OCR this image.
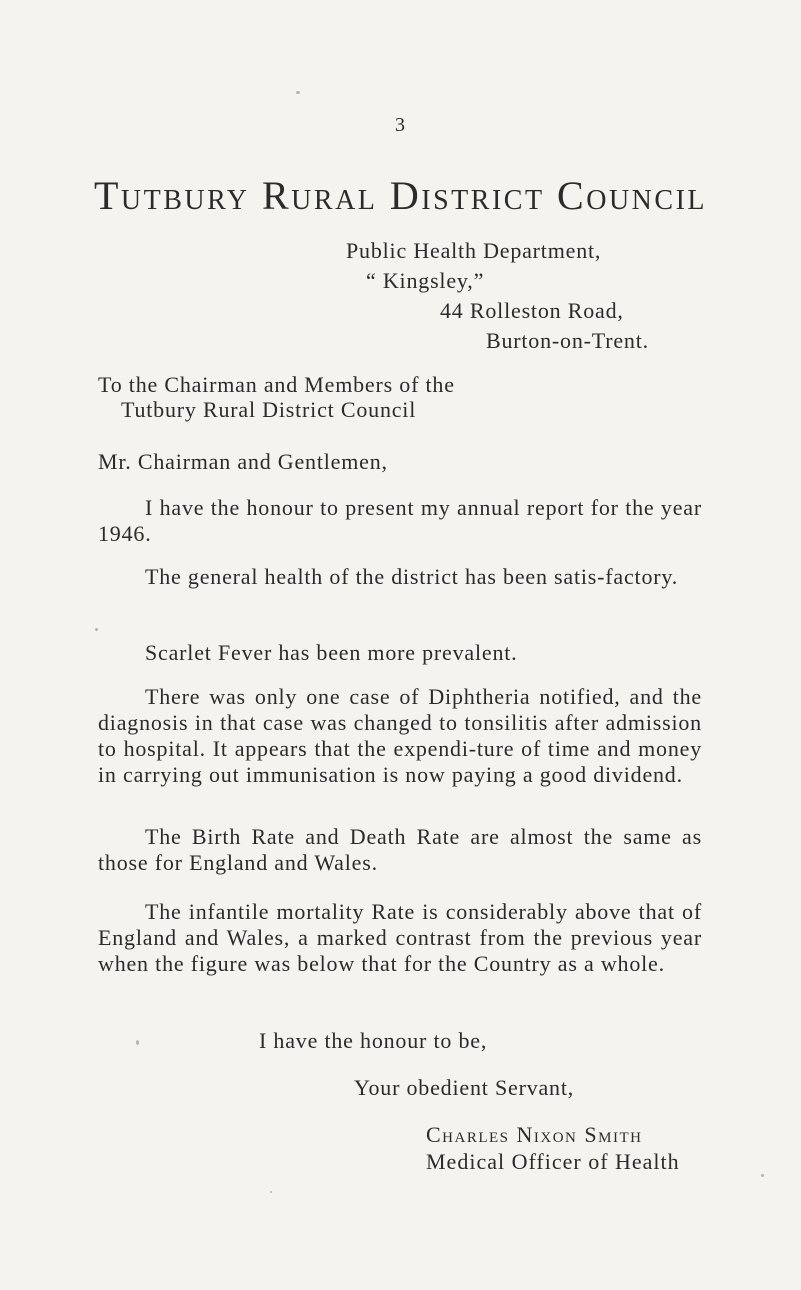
3
Tutbury Rural District Council
Public Health Department,
“ Kingsley,”
44 Rolleston Road,
Burton-on-Trent.
To the Chairman and Members of the
Tutbury Rural District Council
Mr. Chairman and Gentlemen,

I have the honour to present my annual report for the year 1946.

The general health of the district has been satis-factory.

Scarlet Fever has been more prevalent.

There was only one case of Diphtheria notified, and the diagnosis in that case was changed to tonsilitis after admission to hospital. It appears that the expendi-ture of time and money in carrying out immunisation is now paying a good dividend.

The Birth Rate and Death Rate are almost the same as those for England and Wales.

The infantile mortality Rate is considerably above that of England and Wales, a marked contrast from the previous year when the figure was below that for the Country as a whole.

I have the honour to be,
Your obedient Servant,
Charles Nixon Smith
Medical Officer of Health
